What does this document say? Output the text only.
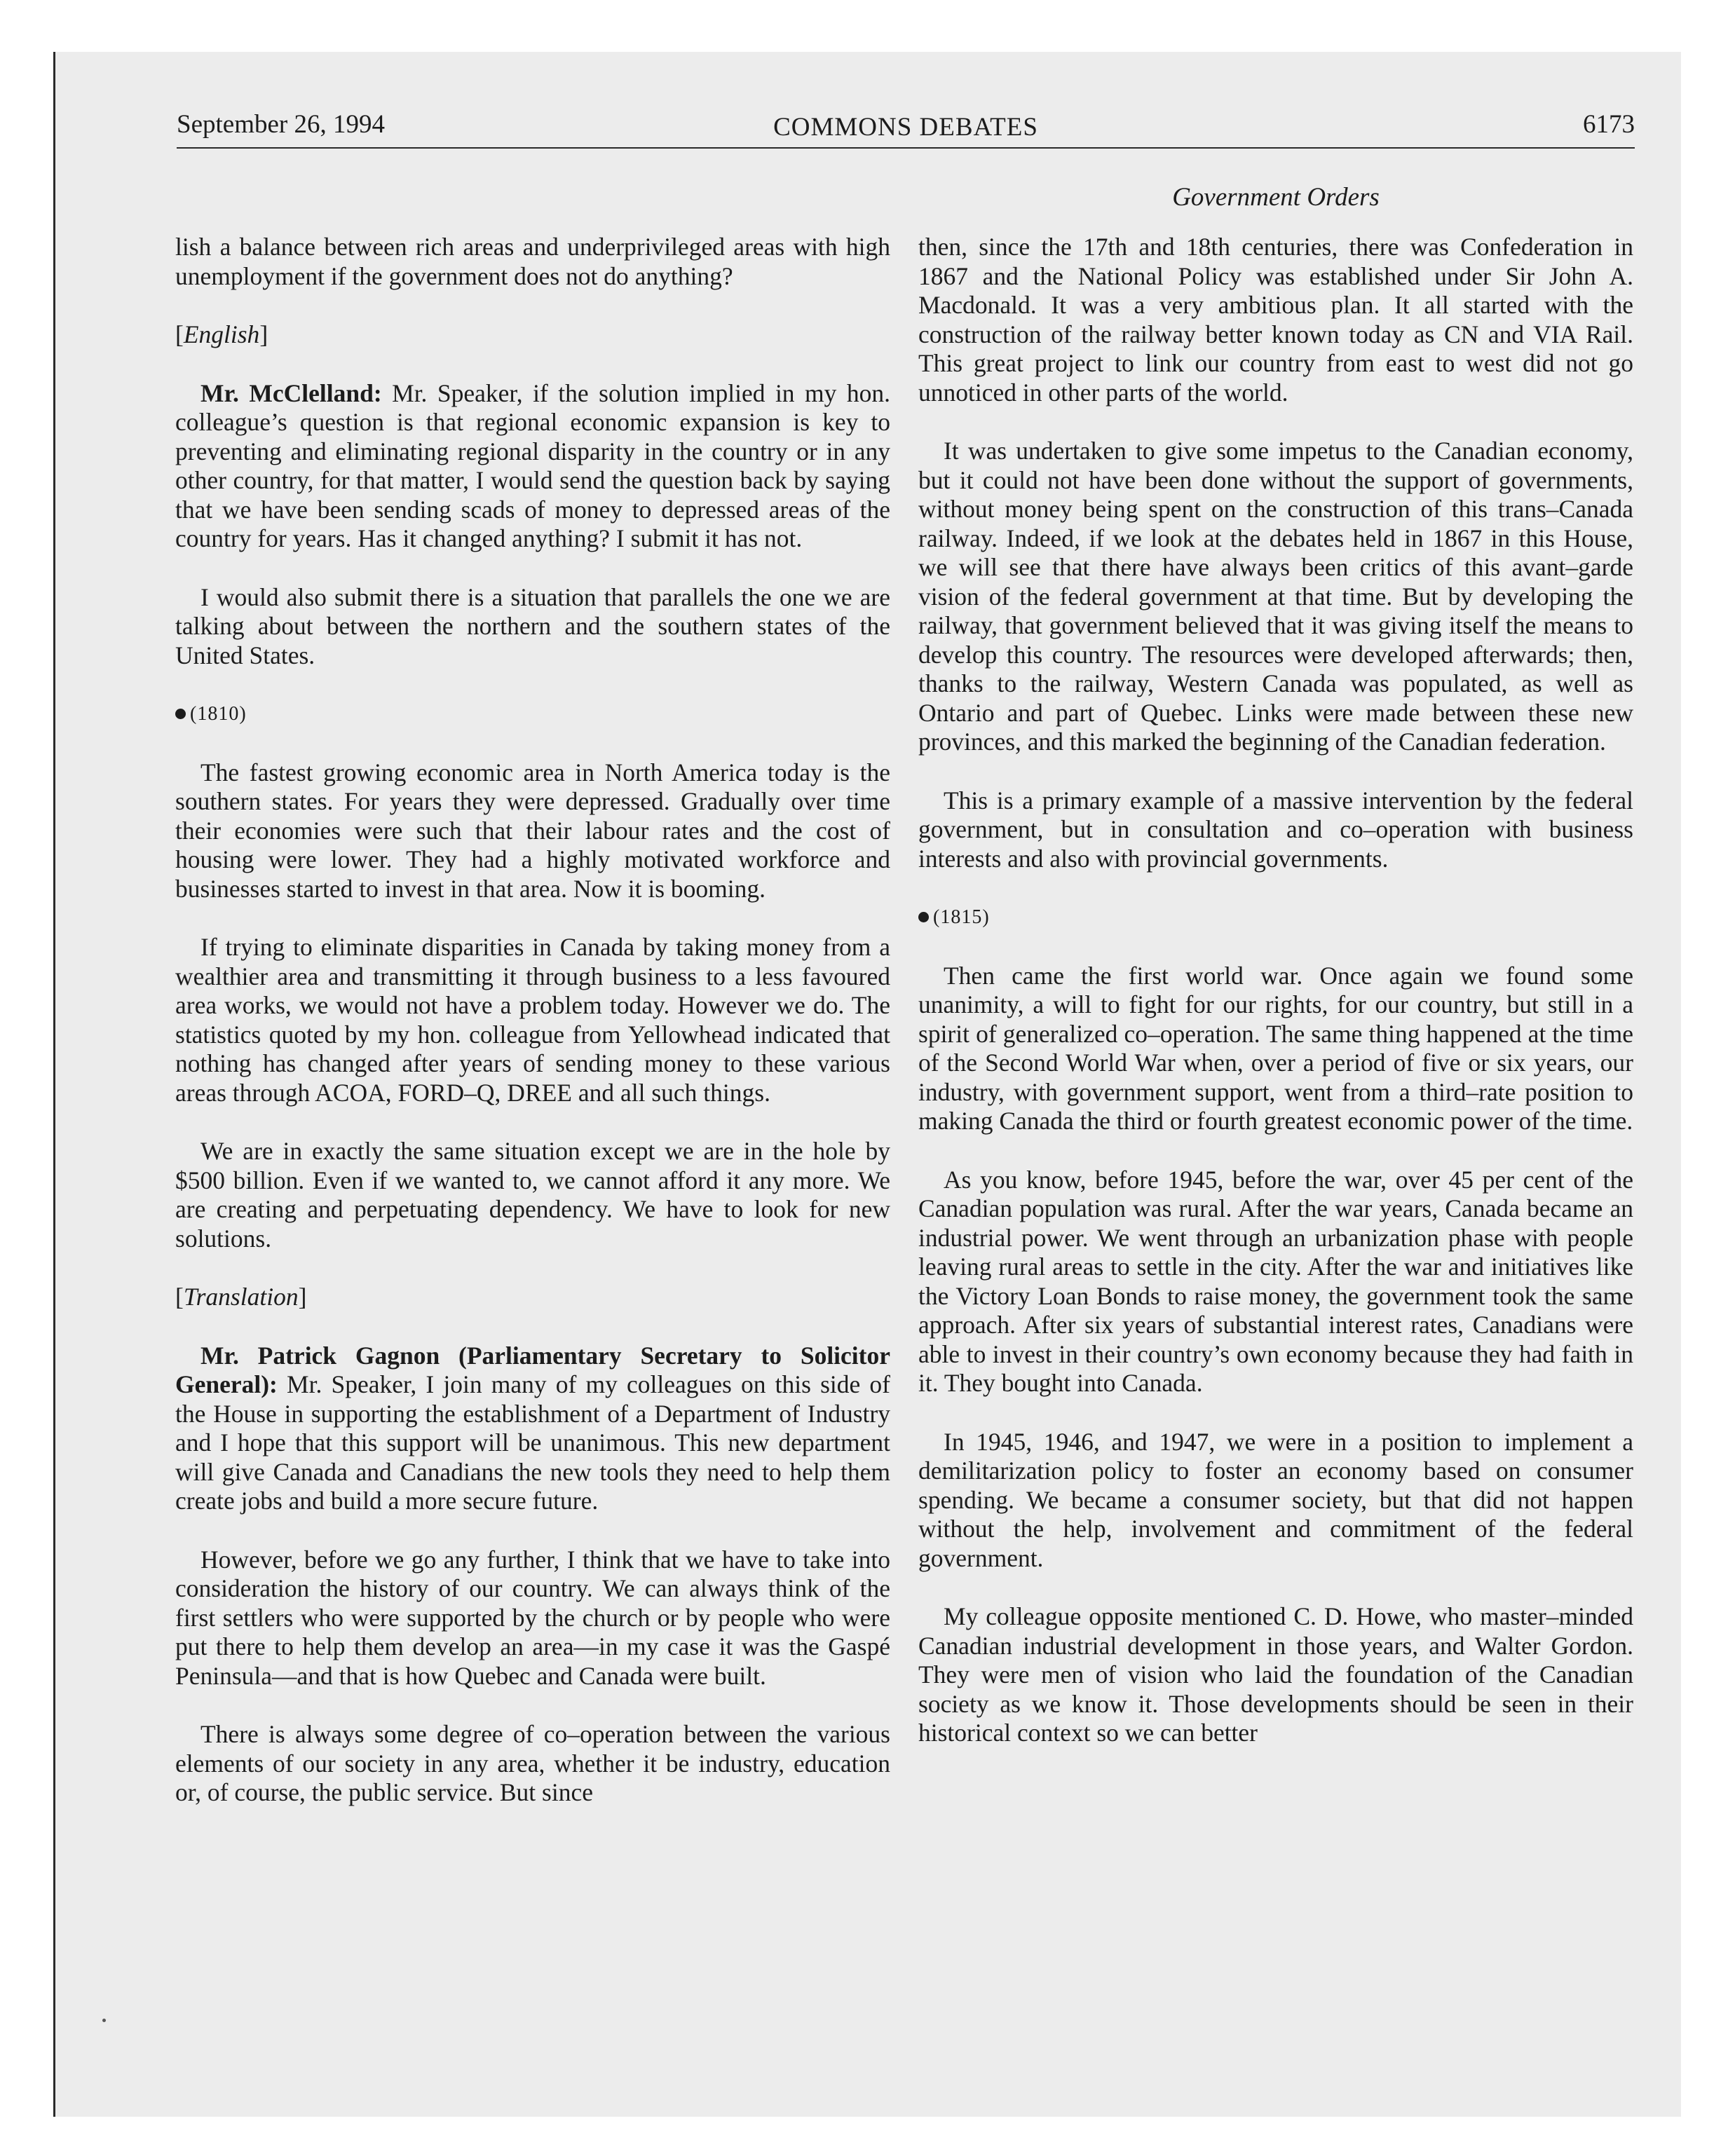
September 26, 1994	COMMONS DEBATES	6173
Government Orders

lish a balance between rich areas and underprivileged areas with high unemployment if the government does not do anything?

[English]

Mr. McClelland: Mr. Speaker, if the solution implied in my hon. colleague’s question is that regional economic expansion is key to preventing and eliminating regional disparity in the country or in any other country, for that matter, I would send the question back by saying that we have been sending scads of money to depressed areas of the country for years. Has it changed anything? I submit it has not.

I would also submit there is a situation that parallels the one we are talking about between the northern and the southern states of the United States.

(1810)

The fastest growing economic area in North America today is the southern states. For years they were depressed. Gradually over time their economies were such that their labour rates and the cost of housing were lower. They had a highly motivated workforce and businesses started to invest in that area. Now it is booming.

If trying to eliminate disparities in Canada by taking money from a wealthier area and transmitting it through business to a less favoured area works, we would not have a problem today. However we do. The statistics quoted by my hon. colleague from Yellowhead indicated that nothing has changed after years of sending money to these various areas through ACOA, FORD–Q, DREE and all such things.

We are in exactly the same situation except we are in the hole by $500 billion. Even if we wanted to, we cannot afford it any more. We are creating and perpetuating dependency. We have to look for new solutions.

[Translation]

Mr. Patrick Gagnon (Parliamentary Secretary to Solicitor General): Mr. Speaker, I join many of my colleagues on this side of the House in supporting the establishment of a Department of Industry and I hope that this support will be unanimous. This new department will give Canada and Canadians the new tools they need to help them create jobs and build a more secure future.

However, before we go any further, I think that we have to take into consideration the history of our country. We can always think of the first settlers who were supported by the church or by people who were put there to help them develop an area—in my case it was the Gaspé Peninsula—and that is how Quebec and Canada were built.

There is always some degree of co–operation between the various elements of our society in any area, whether it be industry, education or, of course, the public service. But since

then, since the 17th and 18th centuries, there was Confederation in 1867 and the National Policy was established under Sir John A. Macdonald. It was a very ambitious plan. It all started with the construction of the railway better known today as CN and VIA Rail. This great project to link our country from east to west did not go unnoticed in other parts of the world.

It was undertaken to give some impetus to the Canadian economy, but it could not have been done without the support of governments, without money being spent on the construction of this trans–Canada railway. Indeed, if we look at the debates held in 1867 in this House, we will see that there have always been critics of this avant–garde vision of the federal government at that time. But by developing the railway, that government believed that it was giving itself the means to develop this country. The resources were developed afterwards; then, thanks to the railway, Western Canada was populated, as well as Ontario and part of Quebec. Links were made between these new provinces, and this marked the beginning of the Canadian federation.

This is a primary example of a massive intervention by the federal government, but in consultation and co–operation with business interests and also with provincial governments.

(1815)

Then came the first world war. Once again we found some unanimity, a will to fight for our rights, for our country, but still in a spirit of generalized co–operation. The same thing happened at the time of the Second World War when, over a period of five or six years, our industry, with government support, went from a third–rate position to making Canada the third or fourth greatest economic power of the time.

As you know, before 1945, before the war, over 45 per cent of the Canadian population was rural. After the war years, Canada became an industrial power. We went through an urbanization phase with people leaving rural areas to settle in the city. After the war and initiatives like the Victory Loan Bonds to raise money, the government took the same approach. After six years of substantial interest rates, Canadians were able to invest in their country’s own economy because they had faith in it. They bought into Canada.

In 1945, 1946, and 1947, we were in a position to implement a demilitarization policy to foster an economy based on consumer spending. We became a consumer society, but that did not happen without the help, involvement and commitment of the federal government.

My colleague opposite mentioned C. D. Howe, who master–minded Canadian industrial development in those years, and Walter Gordon. They were men of vision who laid the foundation of the Canadian society as we know it. Those developments should be seen in their historical context so we can better
